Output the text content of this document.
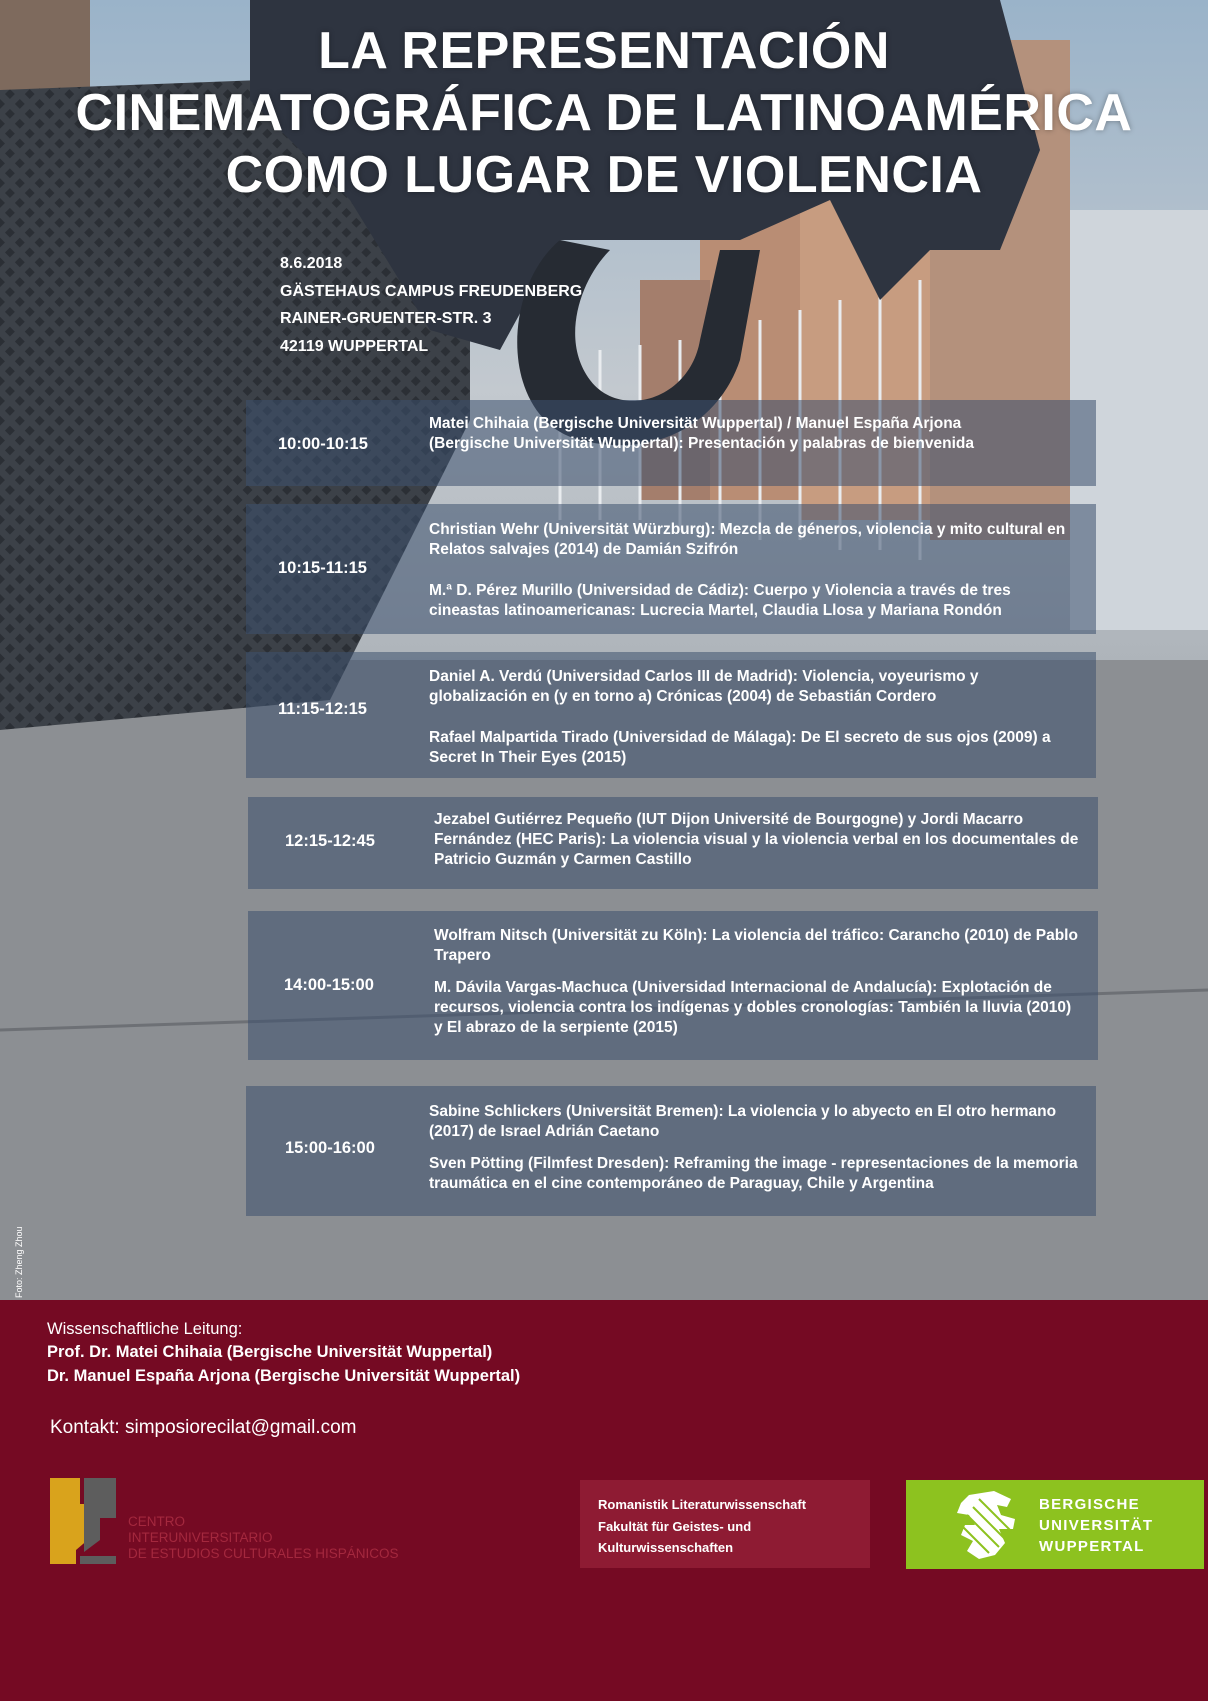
LA REPRESENTACIÓN
CINEMATOGRÁFICA DE LATINOAMÉRICA
COMO LUGAR DE VIOLENCIA
8.6.2018
GÄSTEHAUS CAMPUS FREUDENBERG
RAINER-GRUENTER-STR. 3
42119 WUPPERTAL
10:00-10:15
Matei Chihaia (Bergische Universität Wuppertal) / Manuel España Arjona (Bergische Universität Wuppertal): Presentación y palabras de bienvenida
10:15-11:15
Christian Wehr (Universität Würzburg): Mezcla de géneros, violencia y mito cultural en Relatos salvajes (2014) de Damián Szifrón
M.ª D. Pérez Murillo (Universidad de Cádiz): Cuerpo y Violencia a través de tres cineastas latinoamericanas: Lucrecia Martel, Claudia Llosa y Mariana Rondón
11:15-12:15
Daniel A. Verdú (Universidad Carlos III de Madrid): Violencia, voyeurismo y globalización en (y en torno a) Crónicas (2004) de Sebastián Cordero
Rafael Malpartida Tirado (Universidad de Málaga): De El secreto de sus ojos (2009) a Secret In Their Eyes (2015)
12:15-12:45
Jezabel Gutiérrez Pequeño (IUT Dijon Université de Bourgogne) y Jordi Macarro Fernández (HEC Paris): La violencia visual y la violencia verbal en los documentales de Patricio Guzmán y Carmen Castillo
14:00-15:00
Wolfram Nitsch (Universität zu Köln): La violencia del tráfico: Carancho (2010) de Pablo Trapero
M. Dávila Vargas-Machuca (Universidad Internacional de Andalucía): Explotación de recursos, violencia contra los indígenas y dobles cronologías: También la lluvia (2010) y El abrazo de la serpiente (2015)
15:00-16:00
Sabine Schlickers (Universität Bremen): La violencia y lo abyecto en El otro hermano (2017) de Israel Adrián Caetano
Sven Pötting (Filmfest Dresden): Reframing the image - representaciones de la memoria traumática en el cine contemporáneo de Paraguay, Chile y Argentina
Foto: Zheng Zhou
Wissenschaftliche Leitung:
Prof. Dr. Matei Chihaia (Bergische Universität Wuppertal)
Dr. Manuel España Arjona (Bergische Universität Wuppertal)
Kontakt: simposiorecilat@gmail.com
CENTRO
INTERUNIVERSITARIO
DE ESTUDIOS CULTURALES HISPÁNICOS
Romanistik Literaturwissenschaft
Fakultät für Geistes- und
Kulturwissenschaften
BERGISCHE
UNIVERSITÄT
WUPPERTAL
